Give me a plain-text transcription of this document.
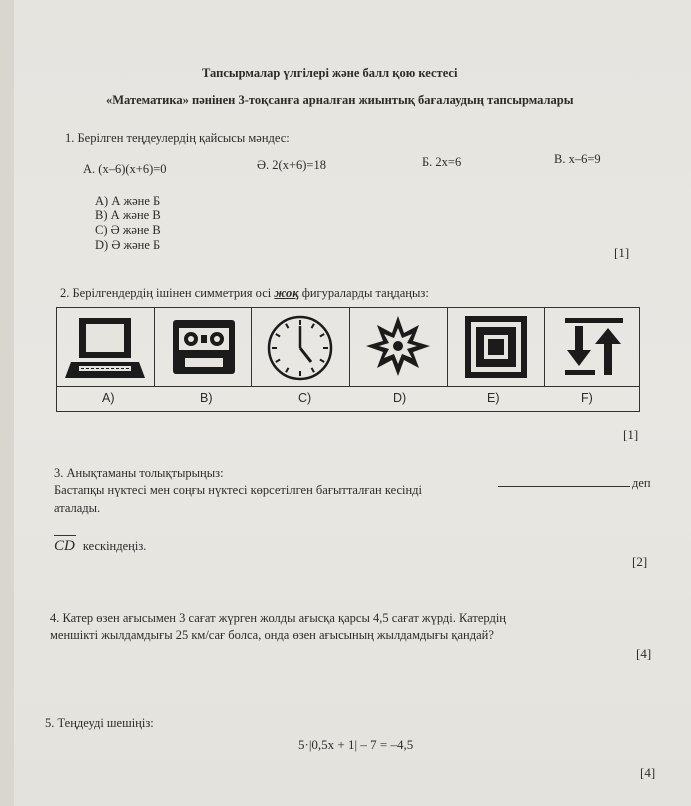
Тапсырмалар үлгілері және балл қою кестесі
«Математика» пәнінен 3-тоқсанға арналған жиынтық бағалаудың тапсырмалары
1. Берілген теңдеулердің қайсысы мәндес:
А. (x–6)(x+6)=0	Ә. 2(x+6)=18	Б. 2x=6	В. x–6=9
A) А және Б
B) А және В
C) Ә және В
D) Ә және Б	[1]
2. Берілгендердің ішінен симметрия осі жоқ фигураларды таңдаңыз:
A)	B)	C)	D)	E)	F)
[1]
3. Анықтаманы толықтырыңыз:
Бастапқы нүктесі мен соңғы нүктесі көрсетілген бағытталған кесінді	деп
аталады.
CD кескіндеңіз.
[2]
4. Катер өзен ағысымен 3 сағат жүрген жолды ағысқа қарсы 4,5 сағат жүрді. Катердің
меншікті жылдамдығы 25 км/сағ болса, онда өзен ағысының жылдамдығы қандай?
[4]
5. Теңдеуді шешіңіз:
5·|0,5x + 1| – 7 = –4,5
[4]
